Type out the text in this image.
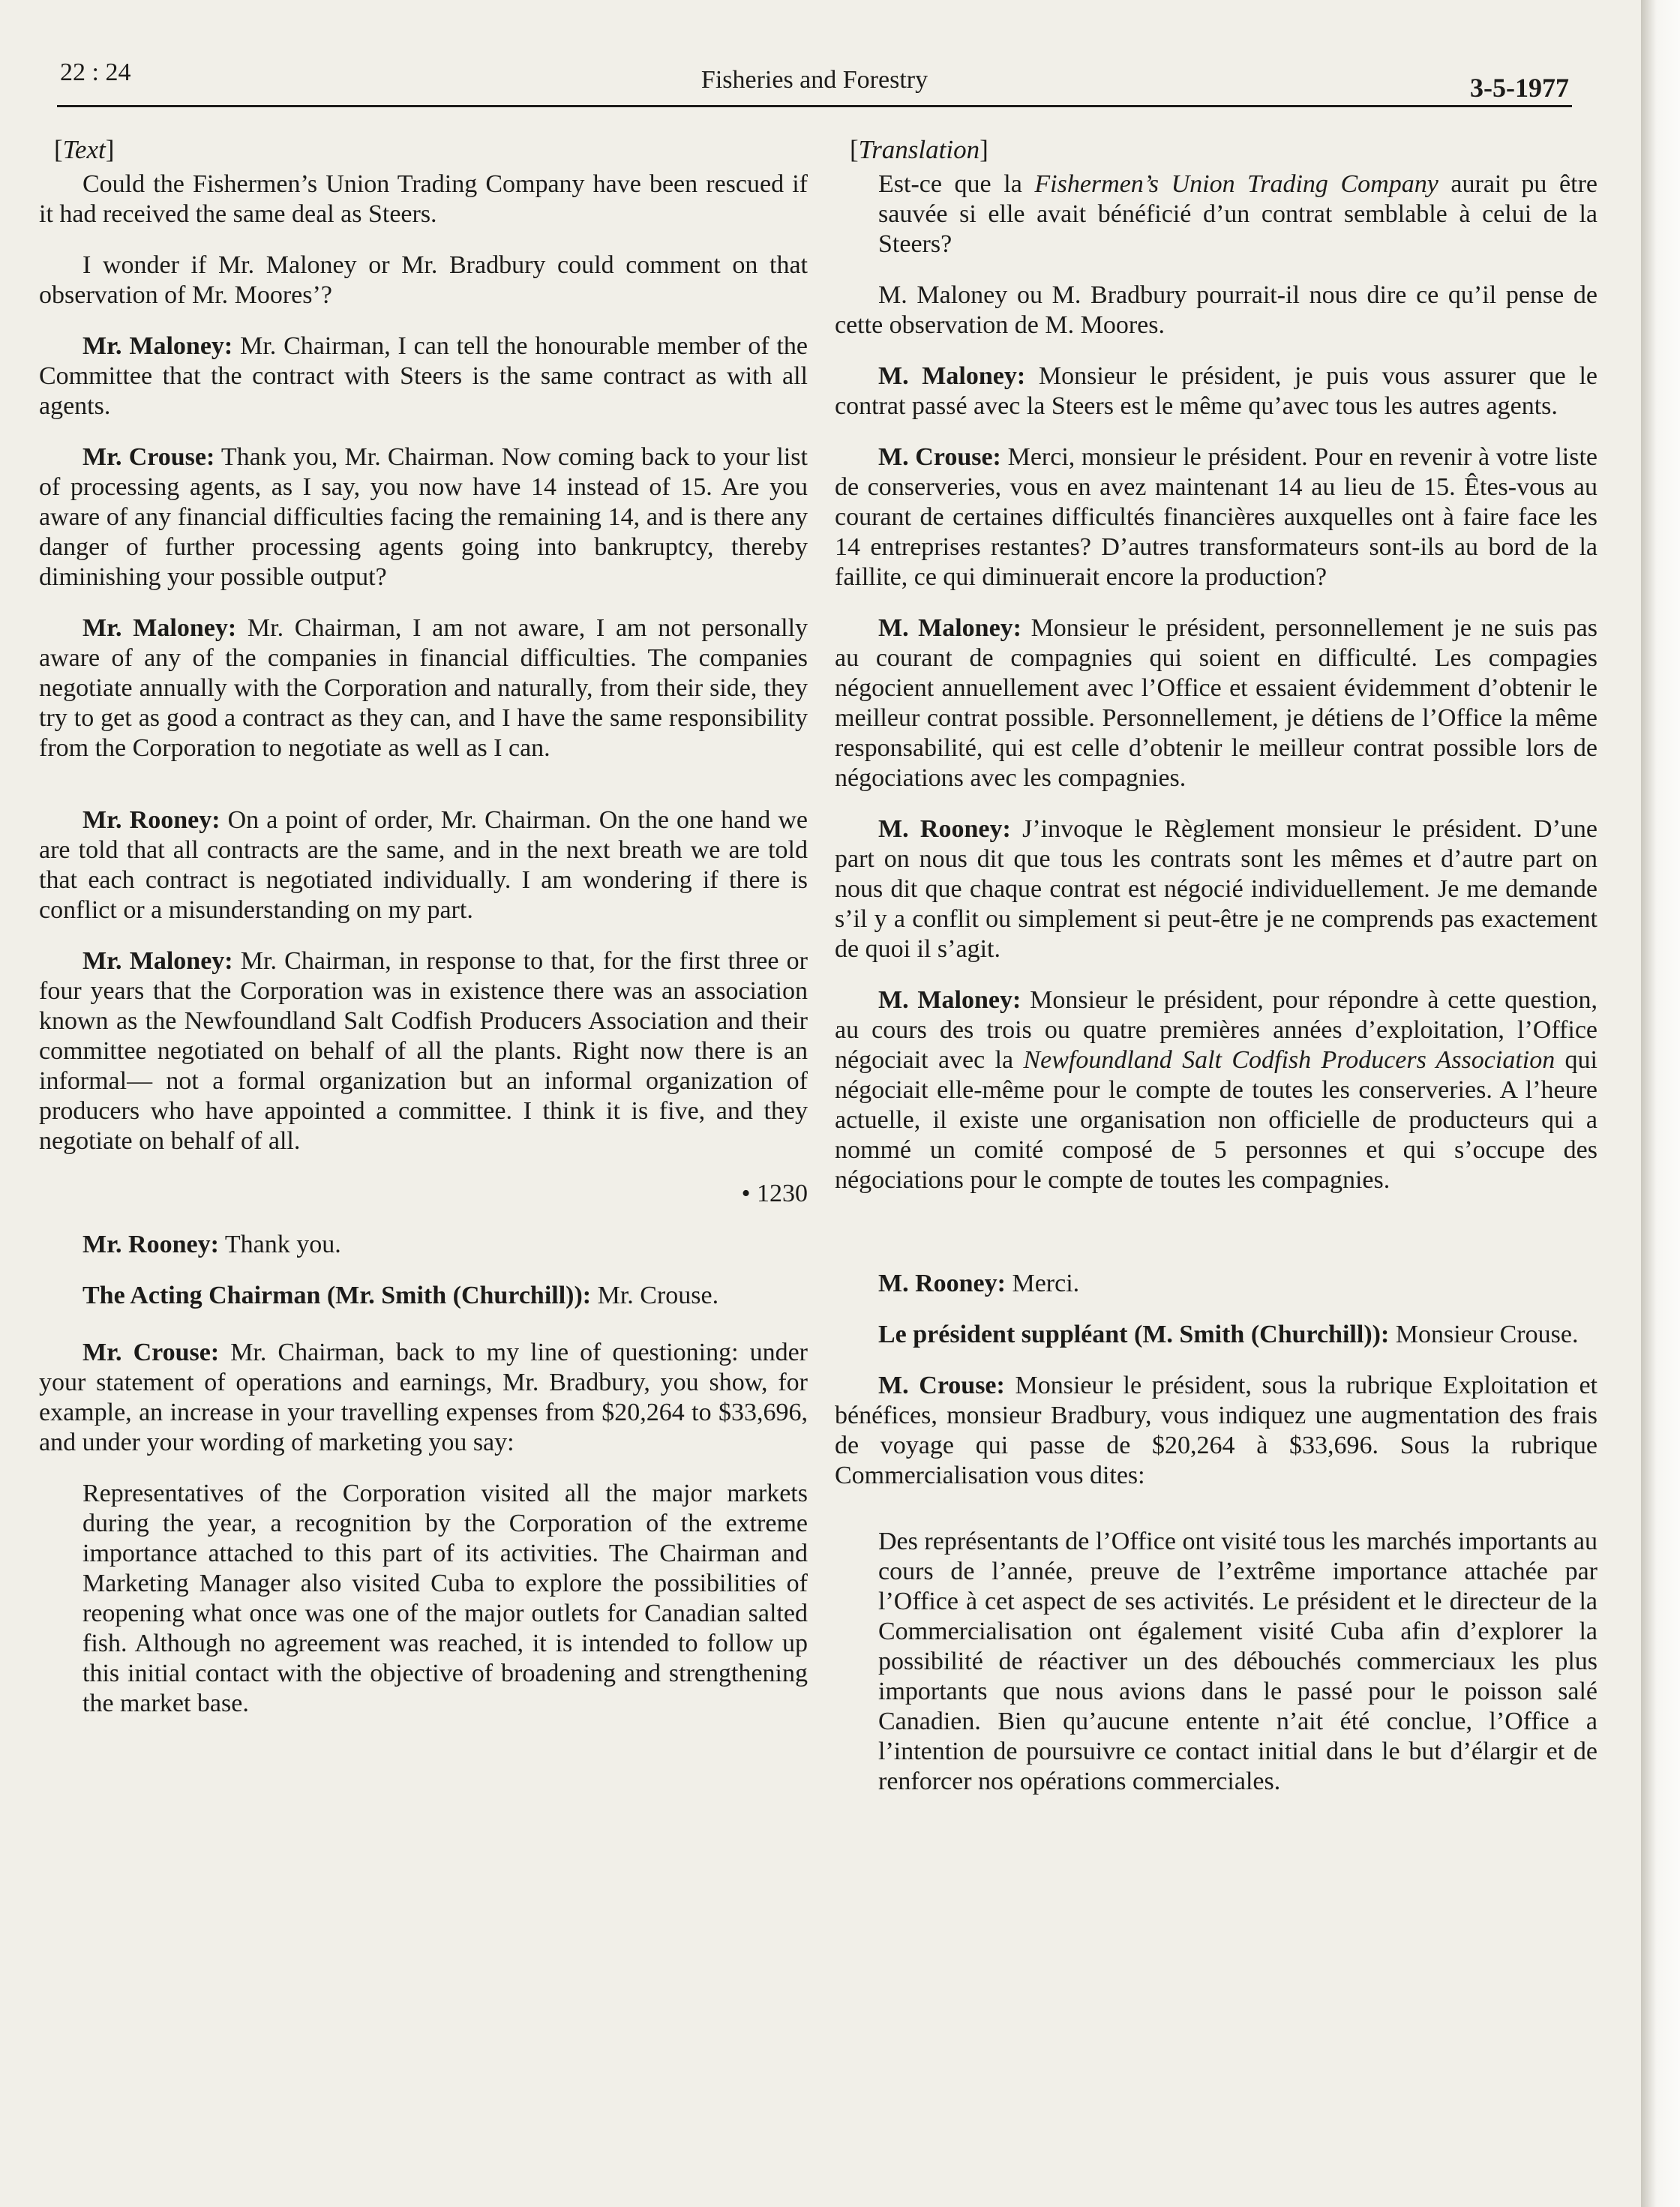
22 : 24	Fisheries and Forestry	3-5-1977
[Text]

Could the Fishermen’s Union Trading Company have been rescued if it had received the same deal as Steers.

I wonder if Mr. Maloney or Mr. Bradbury could comment on that observation of Mr. Moores’?

Mr. Maloney: Mr. Chairman, I can tell the honourable member of the Committee that the contract with Steers is the same contract as with all agents.

Mr. Crouse: Thank you, Mr. Chairman. Now coming back to your list of processing agents, as I say, you now have 14 instead of 15. Are you aware of any financial difficulties facing the remaining 14, and is there any danger of further processing agents going into bankruptcy, thereby diminishing your possible output?

Mr. Maloney: Mr. Chairman, I am not aware, I am not personally aware of any of the companies in financial difficulties. The companies negotiate annually with the Corporation and naturally, from their side, they try to get as good a contract as they can, and I have the same responsibility from the Corporation to negotiate as well as I can.

Mr. Rooney: On a point of order, Mr. Chairman. On the one hand we are told that all contracts are the same, and in the next breath we are told that each contract is negotiated individually. I am wondering if there is conflict or a misunderstanding on my part.

Mr. Maloney: Mr. Chairman, in response to that, for the first three or four years that the Corporation was in existence there was an association known as the Newfoundland Salt Codfish Producers Association and their committee negotiated on behalf of all the plants. Right now there is an informal— not a formal organization but an informal organization of producers who have appointed a committee. I think it is five, and they negotiate on behalf of all.

• 1230

Mr. Rooney: Thank you.

The Acting Chairman (Mr. Smith (Churchill)): Mr. Crouse.

Mr. Crouse: Mr. Chairman, back to my line of questioning: under your statement of operations and earnings, Mr. Bradbury, you show, for example, an increase in your travelling expenses from $20,264 to $33,696, and under your wording of marketing you say:

Representatives of the Corporation visited all the major markets during the year, a recognition by the Corporation of the extreme importance attached to this part of its activities. The Chairman and Marketing Manager also visited Cuba to explore the possibilities of reopening what once was one of the major outlets for Canadian salted fish. Although no agreement was reached, it is intended to follow up this initial contact with the objective of broadening and strengthening the market base.

[Translation]

Est-ce que la Fishermen’s Union Trading Company aurait pu être sauvée si elle avait bénéficié d’un contrat semblable à celui de la Steers?

M. Maloney ou M. Bradbury pourrait-il nous dire ce qu’il pense de cette observation de M. Moores.

M. Maloney: Monsieur le président, je puis vous assurer que le contrat passé avec la Steers est le même qu’avec tous les autres agents.

M. Crouse: Merci, monsieur le président. Pour en revenir à votre liste de conserveries, vous en avez maintenant 14 au lieu de 15. Êtes-vous au courant de certaines difficultés financières auxquelles ont à faire face les 14 entreprises restantes? D’autres transformateurs sont-ils au bord de la faillite, ce qui diminuerait encore la production?

M. Maloney: Monsieur le président, personnellement je ne suis pas au courant de compagnies qui soient en difficulté. Les compagies négocient annuellement avec l’Office et essaient évidemment d’obtenir le meilleur contrat possible. Personnellement, je détiens de l’Office la même responsabilité, qui est celle d’obtenir le meilleur contrat possible lors de négociations avec les compagnies.

M. Rooney: J’invoque le Règlement monsieur le président. D’une part on nous dit que tous les contrats sont les mêmes et d’autre part on nous dit que chaque contrat est négocié individuellement. Je me demande s’il y a conflit ou simplement si peut-être je ne comprends pas exactement de quoi il s’agit.

M. Maloney: Monsieur le président, pour répondre à cette question, au cours des trois ou quatre premières années d’exploitation, l’Office négociait avec la Newfoundland Salt Codfish Producers Association qui négociait elle-même pour le compte de toutes les conserveries. A l’heure actuelle, il existe une organisation non officielle de producteurs qui a nommé un comité composé de 5 personnes et qui s’occupe des négociations pour le compte de toutes les compagnies.

M. Rooney: Merci.

Le président suppléant (M. Smith (Churchill)): Monsieur Crouse.

M. Crouse: Monsieur le président, sous la rubrique Exploitation et bénéfices, monsieur Bradbury, vous indiquez une augmentation des frais de voyage qui passe de $20,264 à $33,696. Sous la rubrique Commercialisation vous dites:

Des représentants de l’Office ont visité tous les marchés importants au cours de l’année, preuve de l’extrême importance attachée par l’Office à cet aspect de ses activités. Le président et le directeur de la Commercialisation ont également visité Cuba afin d’explorer la possibilité de réactiver un des débouchés commerciaux les plus importants que nous avions dans le passé pour le poisson salé Canadien. Bien qu’aucune entente n’ait été conclue, l’Office a l’intention de poursuivre ce contact initial dans le but d’élargir et de renforcer nos opérations commerciales.
